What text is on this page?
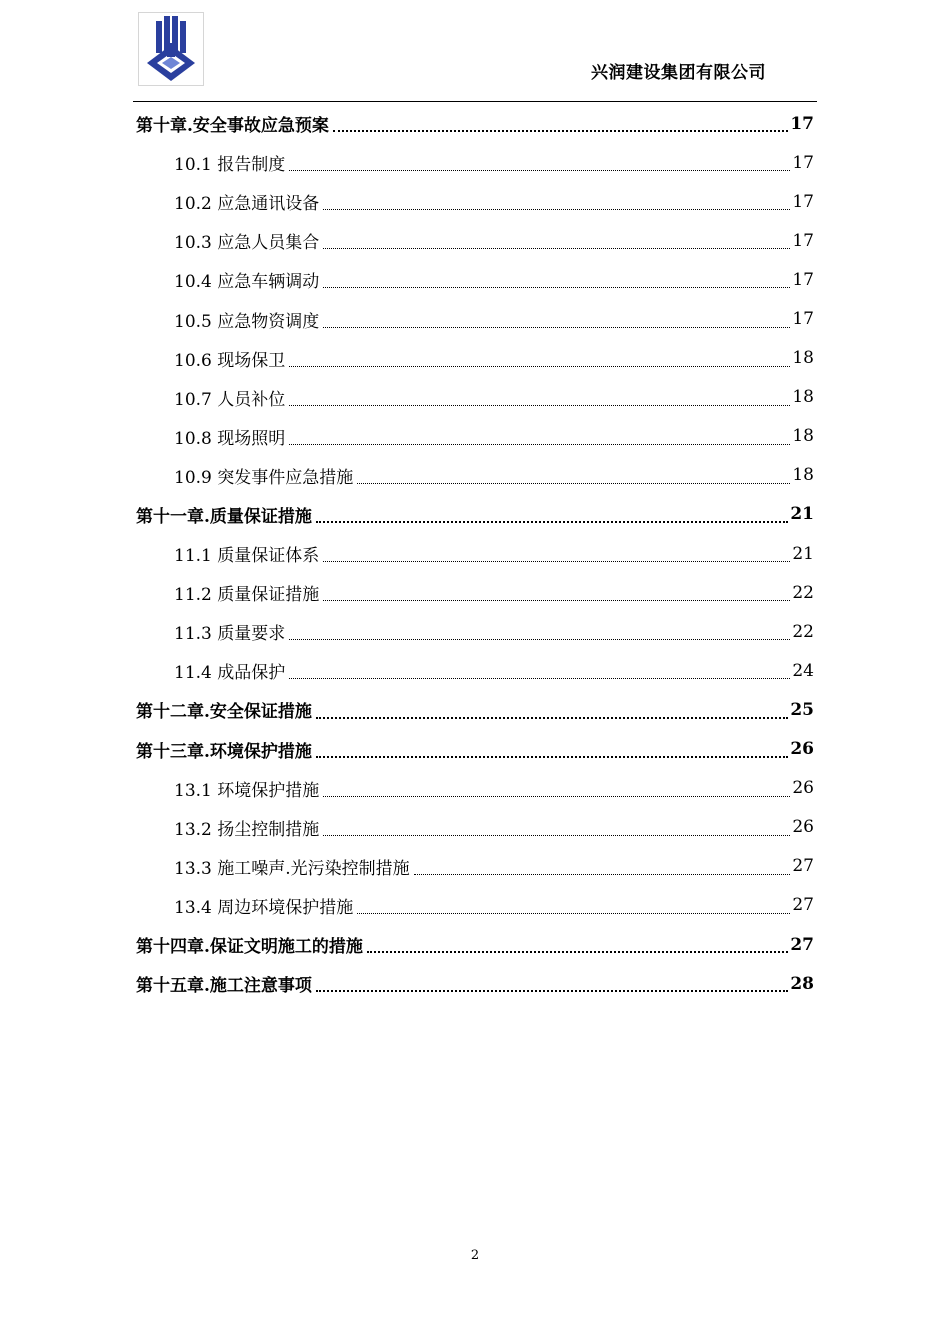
兴润建设集团有限公司
第十章.安全事故应急预案	17
10.1 报告制度	17
10.2 应急通讯设备	17
10.3 应急人员集合	17
10.4 应急车辆调动	17
10.5 应急物资调度	17
10.6 现场保卫	18
10.7 人员补位	18
10.8 现场照明	18
10.9 突发事件应急措施	18
第十一章.质量保证措施	21
11.1 质量保证体系	21
11.2 质量保证措施	22
11.3 质量要求	22
11.4 成品保护	24
第十二章.安全保证措施	25
第十三章.环境保护措施	26
13.1 环境保护措施	26
13.2 扬尘控制措施	26
13.3 施工噪声.光污染控制措施	27
13.4 周边环境保护措施	27
第十四章.保证文明施工的措施	27
第十五章.施工注意事项	28
2
